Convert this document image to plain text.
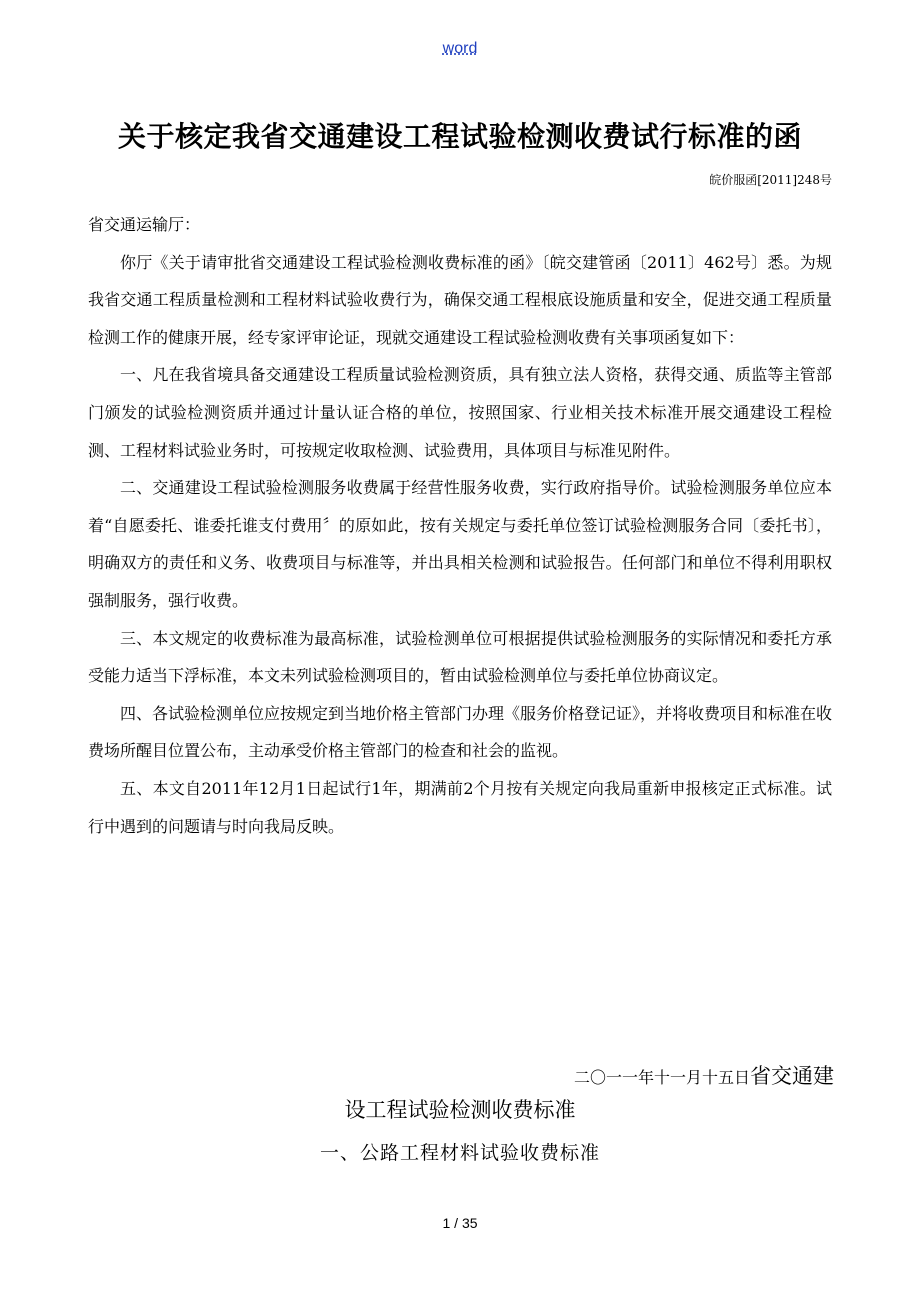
word
关于核定我省交通建设工程试验检测收费试行标准的函
皖价服函[2011]248号

省交通运输厅：

你厅《关于请审批省交通建设工程试验检测收费标准的函》〔皖交建管函〔2011〕462号〕悉。为规我省交通工程质量检测和工程材料试验收费行为，确保交通工程根底设施质量和安全，促进交通工程质量检测工作的健康开展，经专家评审论证，现就交通建设工程试验检测收费有关事项函复如下：

一、凡在我省境具备交通建设工程质量试验检测资质，具有独立法人资格，获得交通、质监等主管部门颁发的试验检测资质并通过计量认证合格的单位，按照国家、行业相关技术标准开展交通建设工程检测、工程材料试验业务时，可按规定收取检测、试验费用，具体项目与标准见附件。

二、交通建设工程试验检测服务收费属于经营性服务收费，实行政府指导价。试验检测服务单位应本着“自愿委托、谁委托谁支付费用〞的原如此，按有关规定与委托单位签订试验检测服务合同〔委托书〕，明确双方的责任和义务、收费项目与标准等，并出具相关检测和试验报告。任何部门和单位不得利用职权强制服务，强行收费。

三、本文规定的收费标准为最高标准，试验检测单位可根据提供试验检测服务的实际情况和委托方承受能力适当下浮标准，本文未列试验检测项目的，暂由试验检测单位与委托单位协商议定。

四、各试验检测单位应按规定到当地价格主管部门办理《服务价格登记证》，并将收费项目和标准在收费场所醒目位置公布，主动承受价格主管部门的检查和社会的监视。

五、本文自2011年12月1日起试行1年，期满前2个月按有关规定向我局重新申报核定正式标准。试行中遇到的问题请与时向我局反映。

二〇一一年十一月十五日省交通建
设工程试验检测收费标准
一、公路工程材料试验收费标准
1 / 35
